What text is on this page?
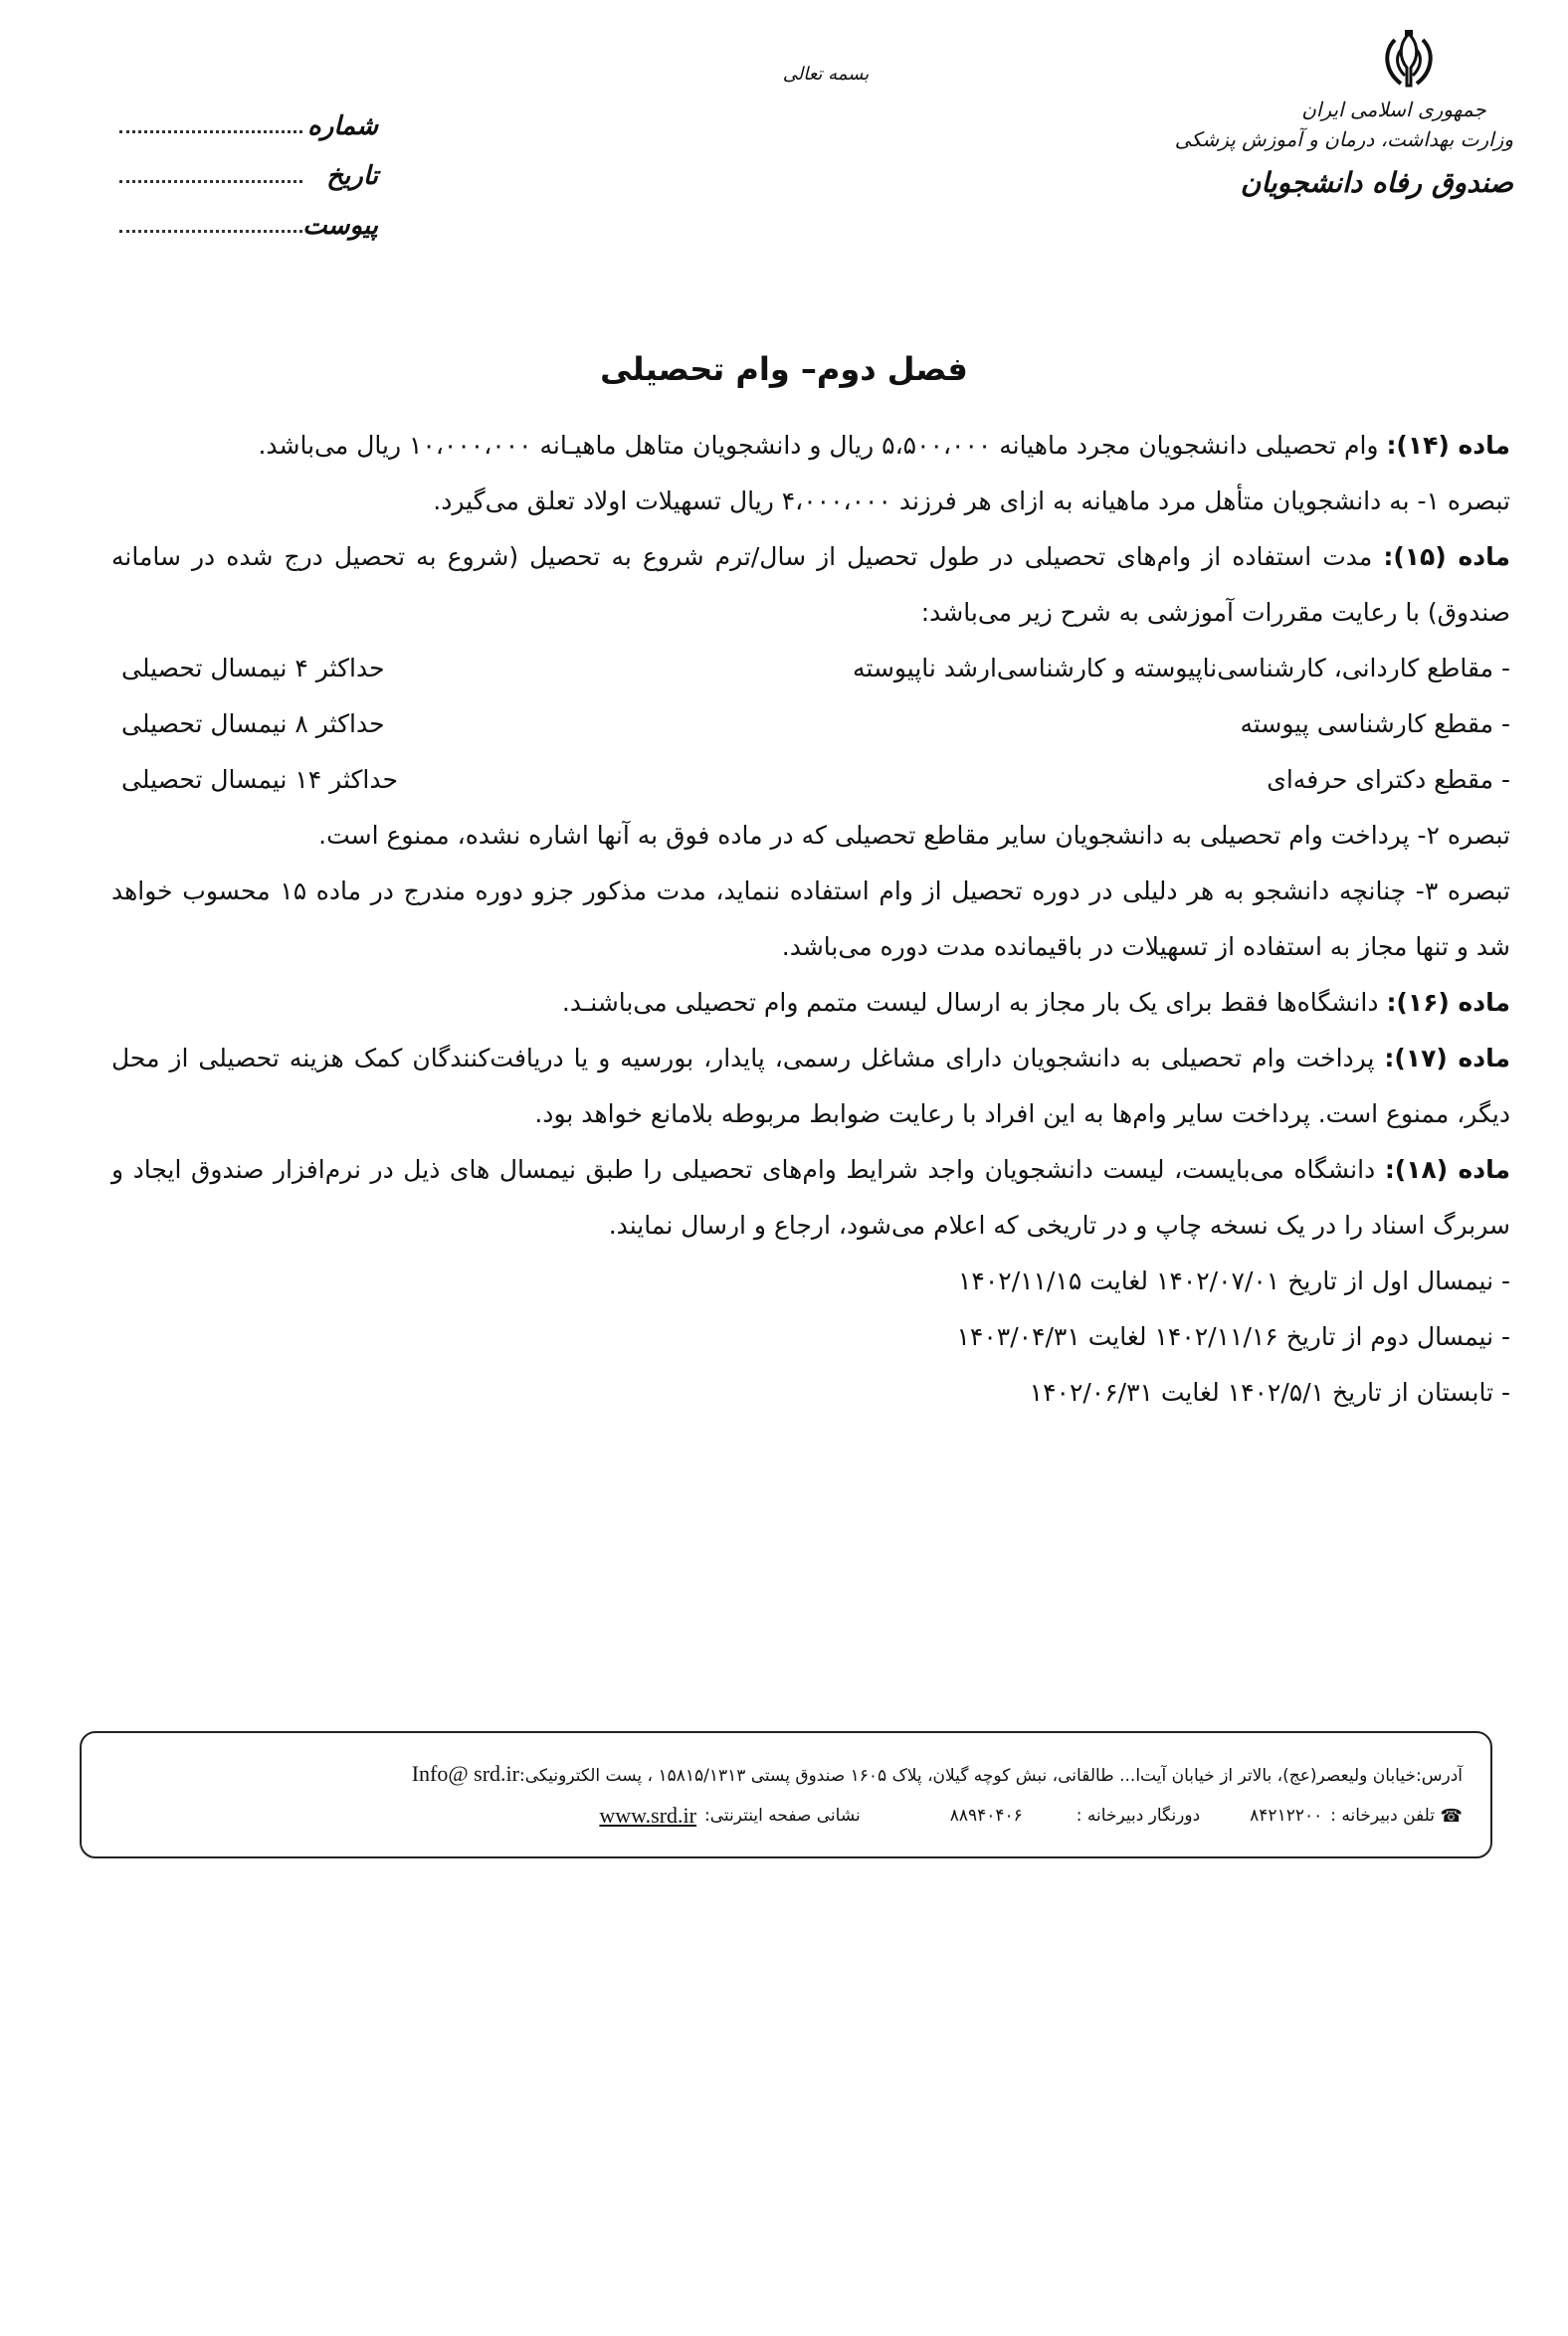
جمهوری اسلامی ایران
وزارت بهداشت، درمان و آموزش پزشکی
صندوق رفاه دانشجویان
بسمه تعالی
شماره
تاریخ
پیوست
فصل دوم– وام تحصیلی

ماده (۱۴): وام تحصیلی دانشجویان مجرد ماهیانه ۵،۵۰۰،۰۰۰ ریال و دانشجویان متاهل ماهیـانه ۱۰،۰۰۰،۰۰۰ ریال می‌باشد.

تبصره ۱- به دانشجویان متأهل مرد ماهیانه به ازای هر فرزند ۴،۰۰۰،۰۰۰ ریال تسهیلات اولاد تعلق می‌گیرد.

ماده (۱۵): مدت استفاده از وام‌های تحصیلی در طول تحصیل از سال/ترم شروع به تحصیل (شروع به تحصیل درج شده در سامانه صندوق) با رعایت مقررات آموزشی به شرح زیر می‌باشد:

- مقاطع کاردانی، کارشناسی‌ناپیوسته و کارشناسی‌ارشد ناپیوسته
حداکثر ۴ نیمسال تحصیلی
- مقطع کارشناسی پیوسته
حداکثر ۸ نیمسال تحصیلی
- مقطع دکترای حرفه‌ای
حداکثر ۱۴ نیمسال تحصیلی

تبصره ۲- پرداخت وام تحصیلی به دانشجویان سایر مقاطع تحصیلی که در ماده فوق به آنها اشاره نشده، ممنوع است.

تبصره ۳- چنانچه دانشجو به هر دلیلی در دوره تحصیل از وام استفاده ننماید، مدت مذکور جزو دوره مندرج در ماده ۱۵ محسوب خواهد شد و تنها مجاز به استفاده از تسهیلات در باقیمانده مدت دوره می‌باشد.

ماده (۱۶): دانشگاه‌ها فقط برای یک بار مجاز به ارسال لیست متمم وام تحصیلی می‌باشنـد.

ماده (۱۷): پرداخت وام تحصیلی به دانشجویان دارای مشاغل رسمی، پایدار، بورسیه و یا دریافت‌کنندگان کمک هزینه تحصیلی از محل دیگر، ممنوع است. پرداخت سایر وام‌ها به این افراد با رعایت ضوابط مربوطه بلامانع خواهد بود.

ماده (۱۸): دانشگاه می‌بایست، لیست دانشجویان واجد شرایط وام‌های تحصیلی را طبق نیمسال های ذیل در نرم‌افزار صندوق ایجاد و سربرگ اسناد را در یک نسخه چاپ و در تاریخی که اعلام می‌شود، ارجاع و ارسال نمایند.

- نیمسال اول از تاریخ ۱۴۰۲/۰۷/۰۱ لغایت ۱۴۰۲/۱۱/۱۵

- نیمسال دوم از تاریخ ۱۴۰۲/۱۱/۱۶ لغایت ۱۴۰۳/۰۴/۳۱

- تابستان از تاریخ ۱۴۰۲/۵/۱ لغایت ۱۴۰۲/۰۶/۳۱

آدرس:خیابان ولیعصر(عج)، بالاتر از خیابان آیت‌ا... طالقانی، نبش کوچه گیلان، پلاک ۱۶۰۵ صندوق پستی ۱۵۸۱۵/۱۳۱۳ ، پست الکترونیکی:Info@ srd.ir
☎
تلفن دبیرخانه :
۸۴۲۱۲۲۰۰
دورنگار دبیرخانه :
۸۸۹۴۰۴۰۶
نشانی صفحه اینترنتی:
www.srd.ir
